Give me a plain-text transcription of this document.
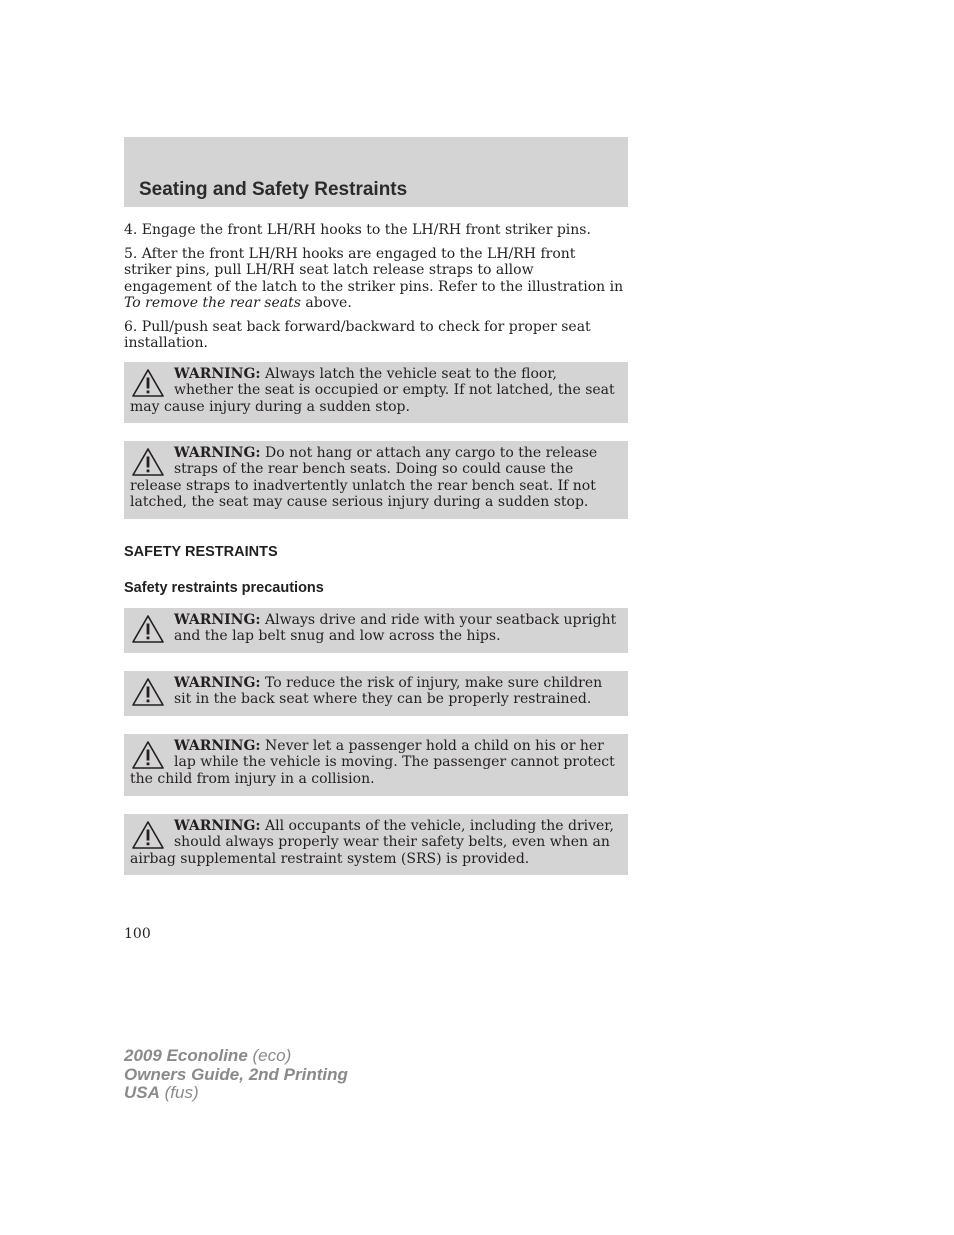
Seating and Safety Restraints

4. Engage the front LH/RH hooks to the LH/RH front striker pins.

5. After the front LH/RH hooks are engaged to the LH/RH front striker pins, pull LH/RH seat latch release straps to allow engagement of the latch to the striker pins. Refer to the illustration in To remove the rear seats above.

6. Pull/push seat back forward/backward to check for proper seat installation.

WARNING: Always latch the vehicle seat to the floor, whether the seat is occupied or empty. If not latched, the seat may cause injury during a sudden stop.

WARNING: Do not hang or attach any cargo to the release straps of the rear bench seats. Doing so could cause the release straps to inadvertently unlatch the rear bench seat. If not latched, the seat may cause serious injury during a sudden stop.

SAFETY RESTRAINTS
Safety restraints precautions

WARNING: Always drive and ride with your seatback upright and the lap belt snug and low across the hips.

WARNING: To reduce the risk of injury, make sure children sit in the back seat where they can be properly restrained.

WARNING: Never let a passenger hold a child on his or her lap while the vehicle is moving. The passenger cannot protect the child from injury in a collision.

WARNING: All occupants of the vehicle, including the driver, should always properly wear their safety belts, even when an airbag supplemental restraint system (SRS) is provided.

100
2009 Econoline (eco)
Owners Guide, 2nd Printing
USA (fus)
